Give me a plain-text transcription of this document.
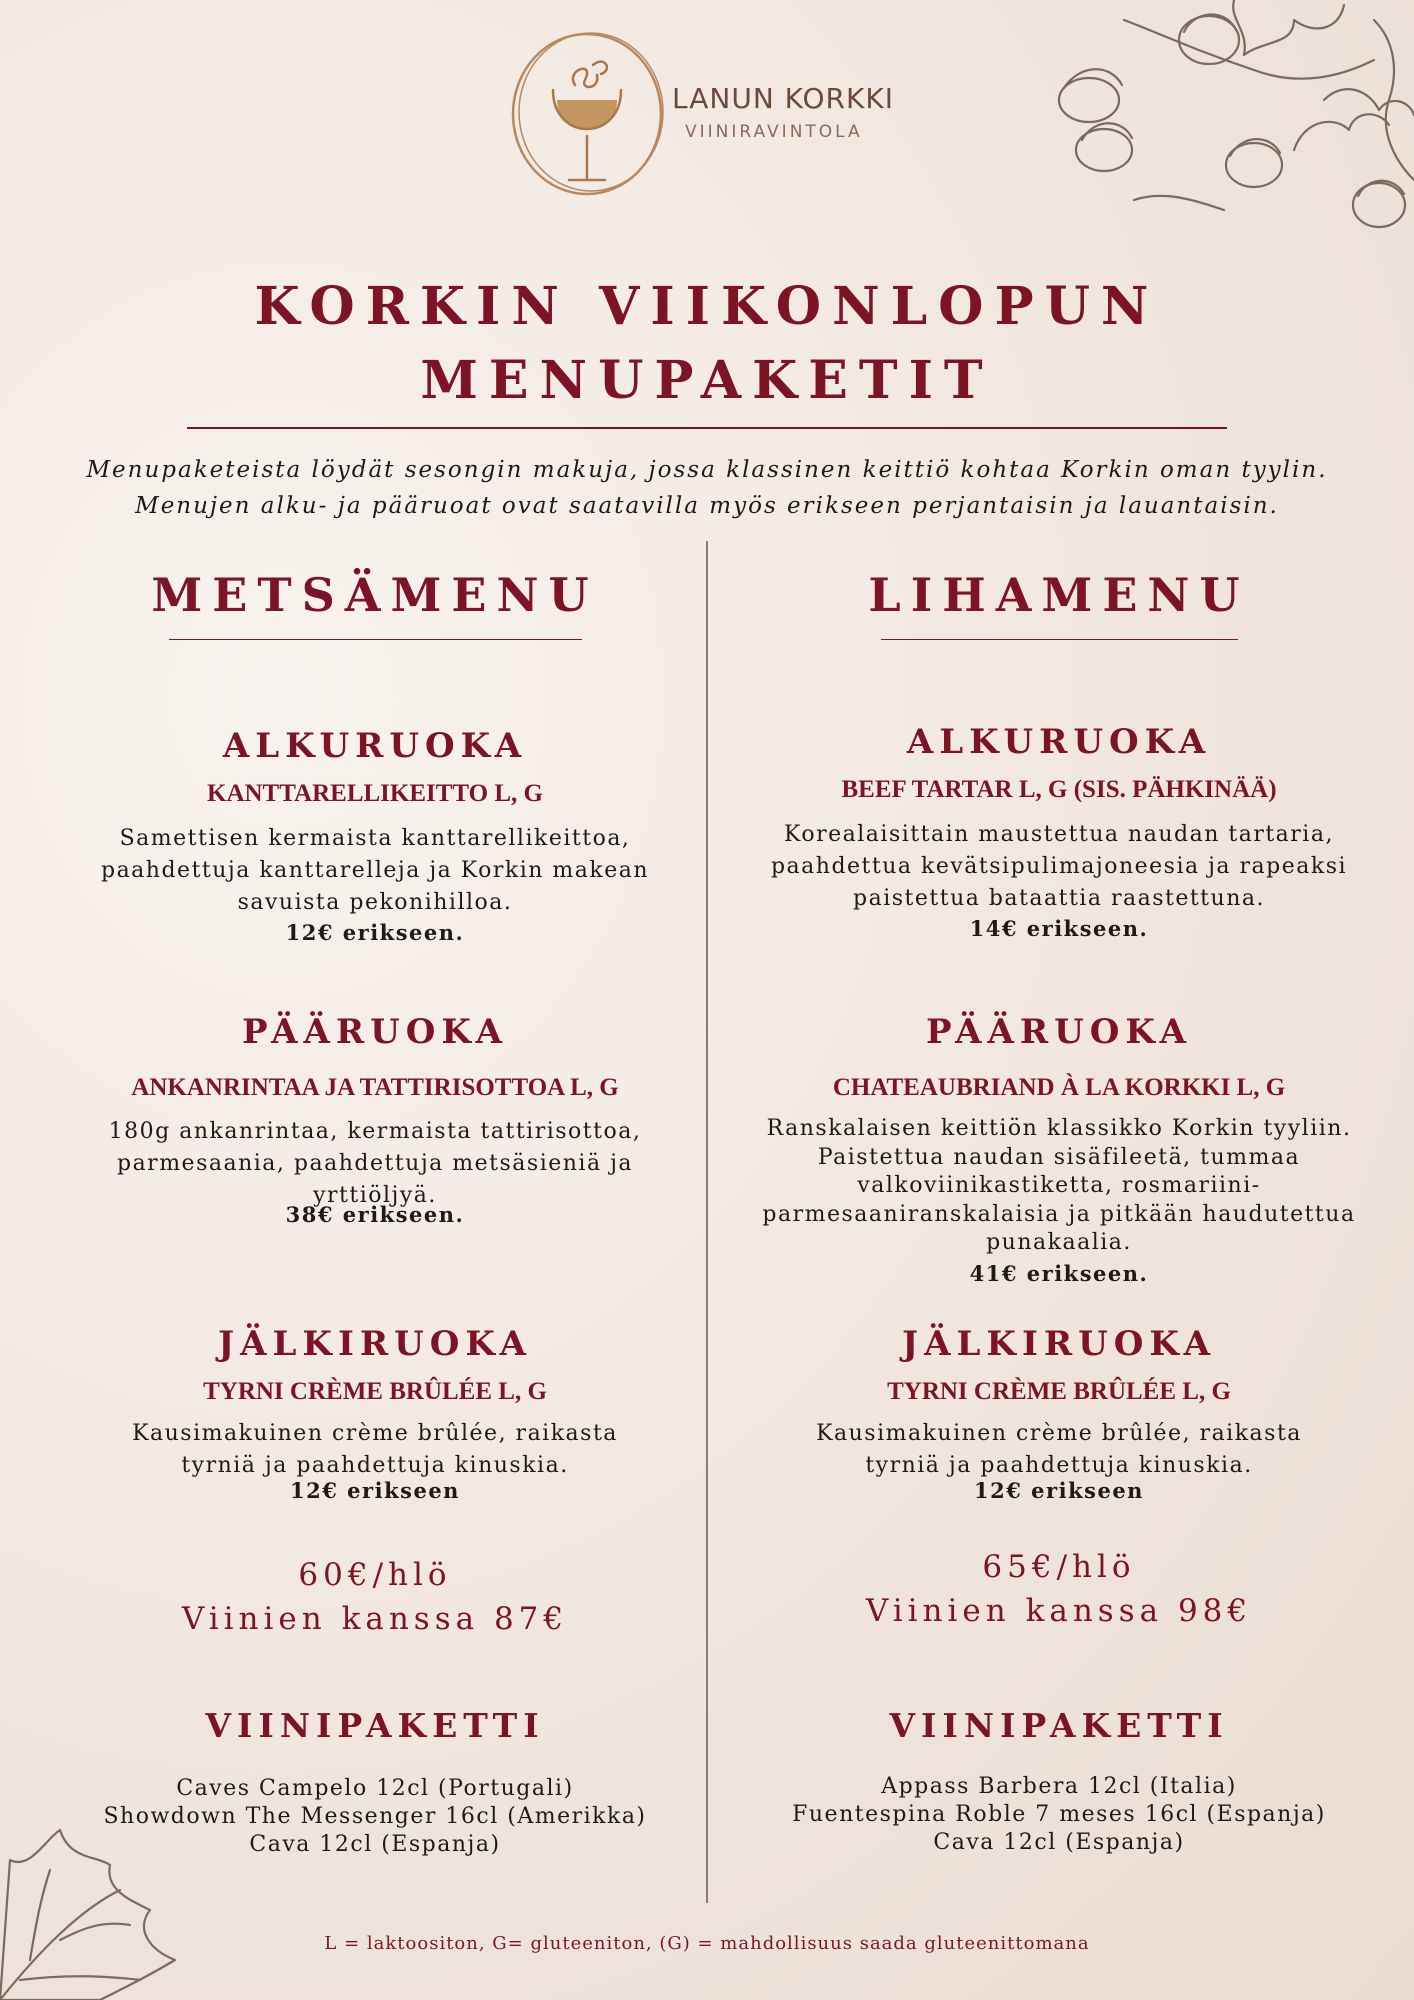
LANUN KORKKI
VIINIRAVINTOLA
KORKIN VIIKONLOPUN
MENUPAKETIT
Menupaketeista löydät sesongin makuja, jossa klassinen keittiö kohtaa Korkin oman tyylin.
Menujen alku- ja pääruoat ovat saatavilla myös erikseen perjantaisin ja lauantaisin.
METSÄMENU
ALKURUOKA
KANTTARELLIKEITTO L, G
Samettisen kermaista kanttarellikeittoa,
paahdettuja kanttarelleja ja Korkin makean
savuista pekonihilloa.
12€ erikseen.
PÄÄRUOKA
ANKANRINTAA JA TATTIRISOTTOA L, G
180g ankanrintaa, kermaista tattirisottoa,
parmesaania, paahdettuja metsäsieniä ja
yrttiöljyä.
38€ erikseen.
JÄLKIRUOKA
TYRNI CRÈME BRÛLÉE L, G
Kausimakuinen crème brûlée, raikasta
tyrniä ja paahdettuja kinuskia.
12€ erikseen
60€/hlö
Viinien kanssa 87€
VIINIPAKETTI
Caves Campelo 12cl (Portugali)
Showdown The Messenger 16cl (Amerikka)
Cava 12cl (Espanja)
LIHAMENU
ALKURUOKA
BEEF TARTAR L, G (SIS. PÄHKINÄÄ)
Korealaisittain maustettua naudan tartaria,
paahdettua kevätsipulimajoneesia ja rapeaksi
paistettua bataattia raastettuna.
14€ erikseen.
PÄÄRUOKA
CHATEAUBRIAND À LA KORKKI L, G
Ranskalaisen keittiön klassikko Korkin tyyliin.
Paistettua naudan sisäfileetä, tummaa
valkoviinikastiketta, rosmariini-
parmesaaniranskalaisia ja pitkään haudutettua
punakaalia.
41€ erikseen.
JÄLKIRUOKA
TYRNI CRÈME BRÛLÉE L, G
Kausimakuinen crème brûlée, raikasta
tyrniä ja paahdettuja kinuskia.
12€ erikseen
65€/hlö
Viinien kanssa 98€
VIINIPAKETTI
Appass Barbera 12cl (Italia)
Fuentespina Roble 7 meses 16cl (Espanja)
Cava 12cl (Espanja)
L = laktoositon, G= gluteeniton, (G) = mahdollisuus saada gluteenittomana
